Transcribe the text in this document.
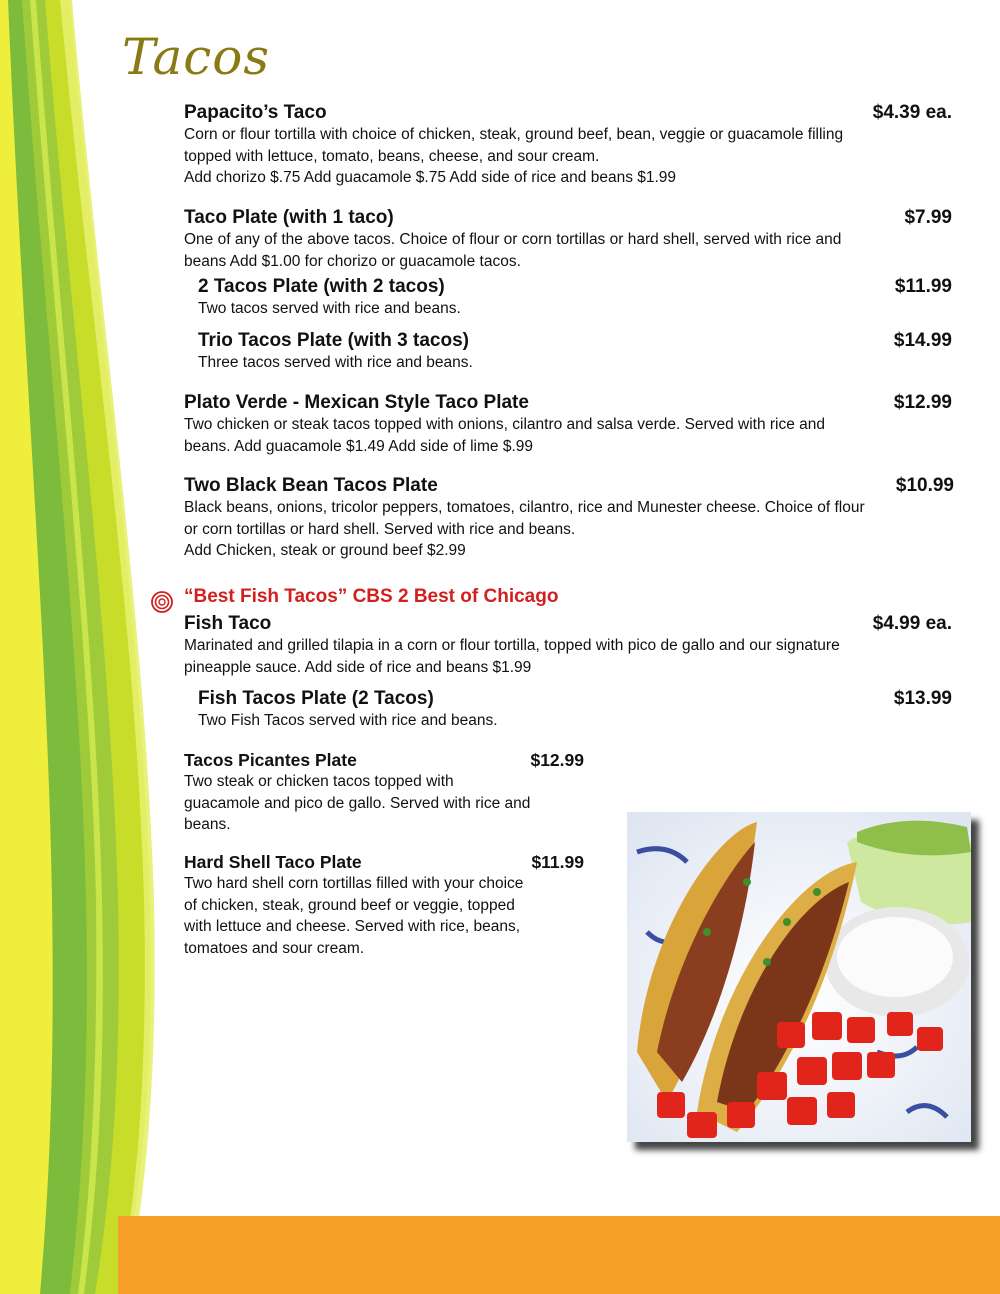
Tacos
Papacito’s Taco	$4.39 ea.
Corn or flour tortilla with choice of chicken, steak, ground beef, bean, veggie or guacamole filling
topped with lettuce, tomato, beans, cheese, and sour cream.
Add chorizo $.75 Add guacamole $.75 Add side of rice and beans $1.99
Taco Plate (with 1 taco)	$7.99
One of any of the above tacos. Choice of flour or corn tortillas or hard shell, served with rice and
beans Add $1.00 for chorizo or guacamole tacos.
2 Tacos Plate (with 2 tacos)	$11.99
Two tacos served with rice and beans.
Trio Tacos Plate (with 3 tacos)	$14.99
Three tacos served with rice and beans.
Plato Verde - Mexican Style Taco Plate	$12.99
Two chicken or steak tacos topped with onions, cilantro and salsa verde. Served with rice and
beans. Add guacamole $1.49 Add side of lime $.99
Two Black Bean Tacos Plate	$10.99
Black beans, onions, tricolor peppers, tomatoes, cilantro, rice and Munester cheese. Choice of flour
or corn tortillas or hard shell. Served with rice and beans.
Add Chicken, steak or ground beef $2.99
“Best Fish Tacos” CBS 2 Best of Chicago
Fish Taco	$4.99 ea.
Marinated and grilled tilapia in a corn or flour tortilla, topped with pico de gallo and our signature
pineapple sauce. Add side of rice and beans $1.99
Fish Tacos Plate (2 Tacos)	$13.99
Two Fish Tacos served with rice and beans.
Tacos Picantes Plate	$12.99
Two steak or chicken tacos topped with
guacamole and pico de gallo. Served with rice and
beans.
Hard Shell Taco Plate	$11.99
Two hard shell corn tortillas filled with your choice
of chicken, steak, ground beef or veggie, topped
with lettuce and cheese. Served with rice, beans,
tomatoes and sour cream.
